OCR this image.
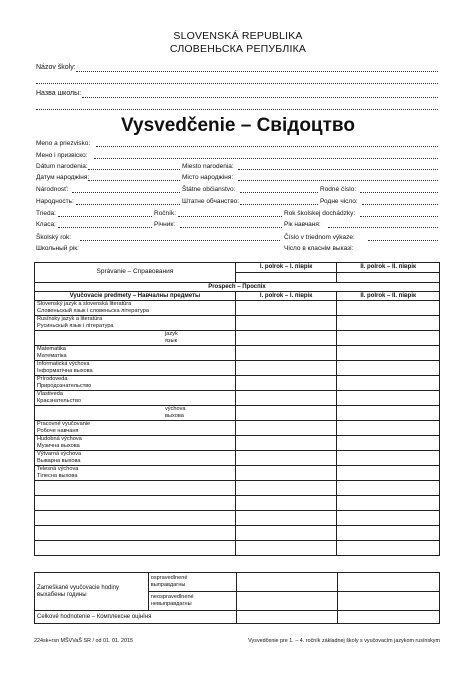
SLOVENSKÁ REPUBLIKA
СЛОВЕНЬСКА РЕПУБЛІКА
Názov školy:
Назва школы:
Vysvedčenie – Свідоцтво
Meno a priezvisko:
Мено і призвіско:
Dátum narodenia:	Miesto narodenia:
Датум народжіня:	Місто народжіня:
Národnosť:	Štátne občianstvo:	Rodné číslo:
Народность:	Штатне обчанство:	Родне чісло:
Trieda:	Ročník:	Rok školskej dochádzky:
Класа:	Річник:	Рік навчаня:
Školský rok:	Číslo v triednom výkaze:
Школьный рік:	Чісло в класнім выказі:
Správanie – Справования	I. polrok – I. піврік	II. polrok – II. піврік

Prospech – Проспіх		
Vyučovacie predmety – Навчалны предметы	I. polrok – I. піврік	II. polrok – II. піврік

Slovenský jazyk a slovenská literatúra
Словеньскый язык і словеньска література		

Rusínsky jazyk a literatúra
Русиньскый язык і література		

jazyk
язык		

Matematika
Математіка		

Informatická výchova
Інформатічна выхова		

Prírodoveda
Природознательство		

Vlastiveda
Краєзнательство		

výchova
выхова		

Pracovné vyučovanie
Робоче навчаня		

Hudobná výchova
Музична выхова		

Výtvarná výchova
Выварна выхова		

Telesná výchova
Тілесна выхова		

Zameškané vyučovacie hodiny
выхабены годины	ospravedlnené
выправдагны		
	neospravedlnené
невыправдагны		
Celkové hodnotenie – Комплексне оцінїня			
224sk+rsn MŠVVaŠ SR / od 01. 01. 2015	Vysvedčenie pre 1. – 4. ročník základnej školy s vyučovacím jazykom rusínskym
